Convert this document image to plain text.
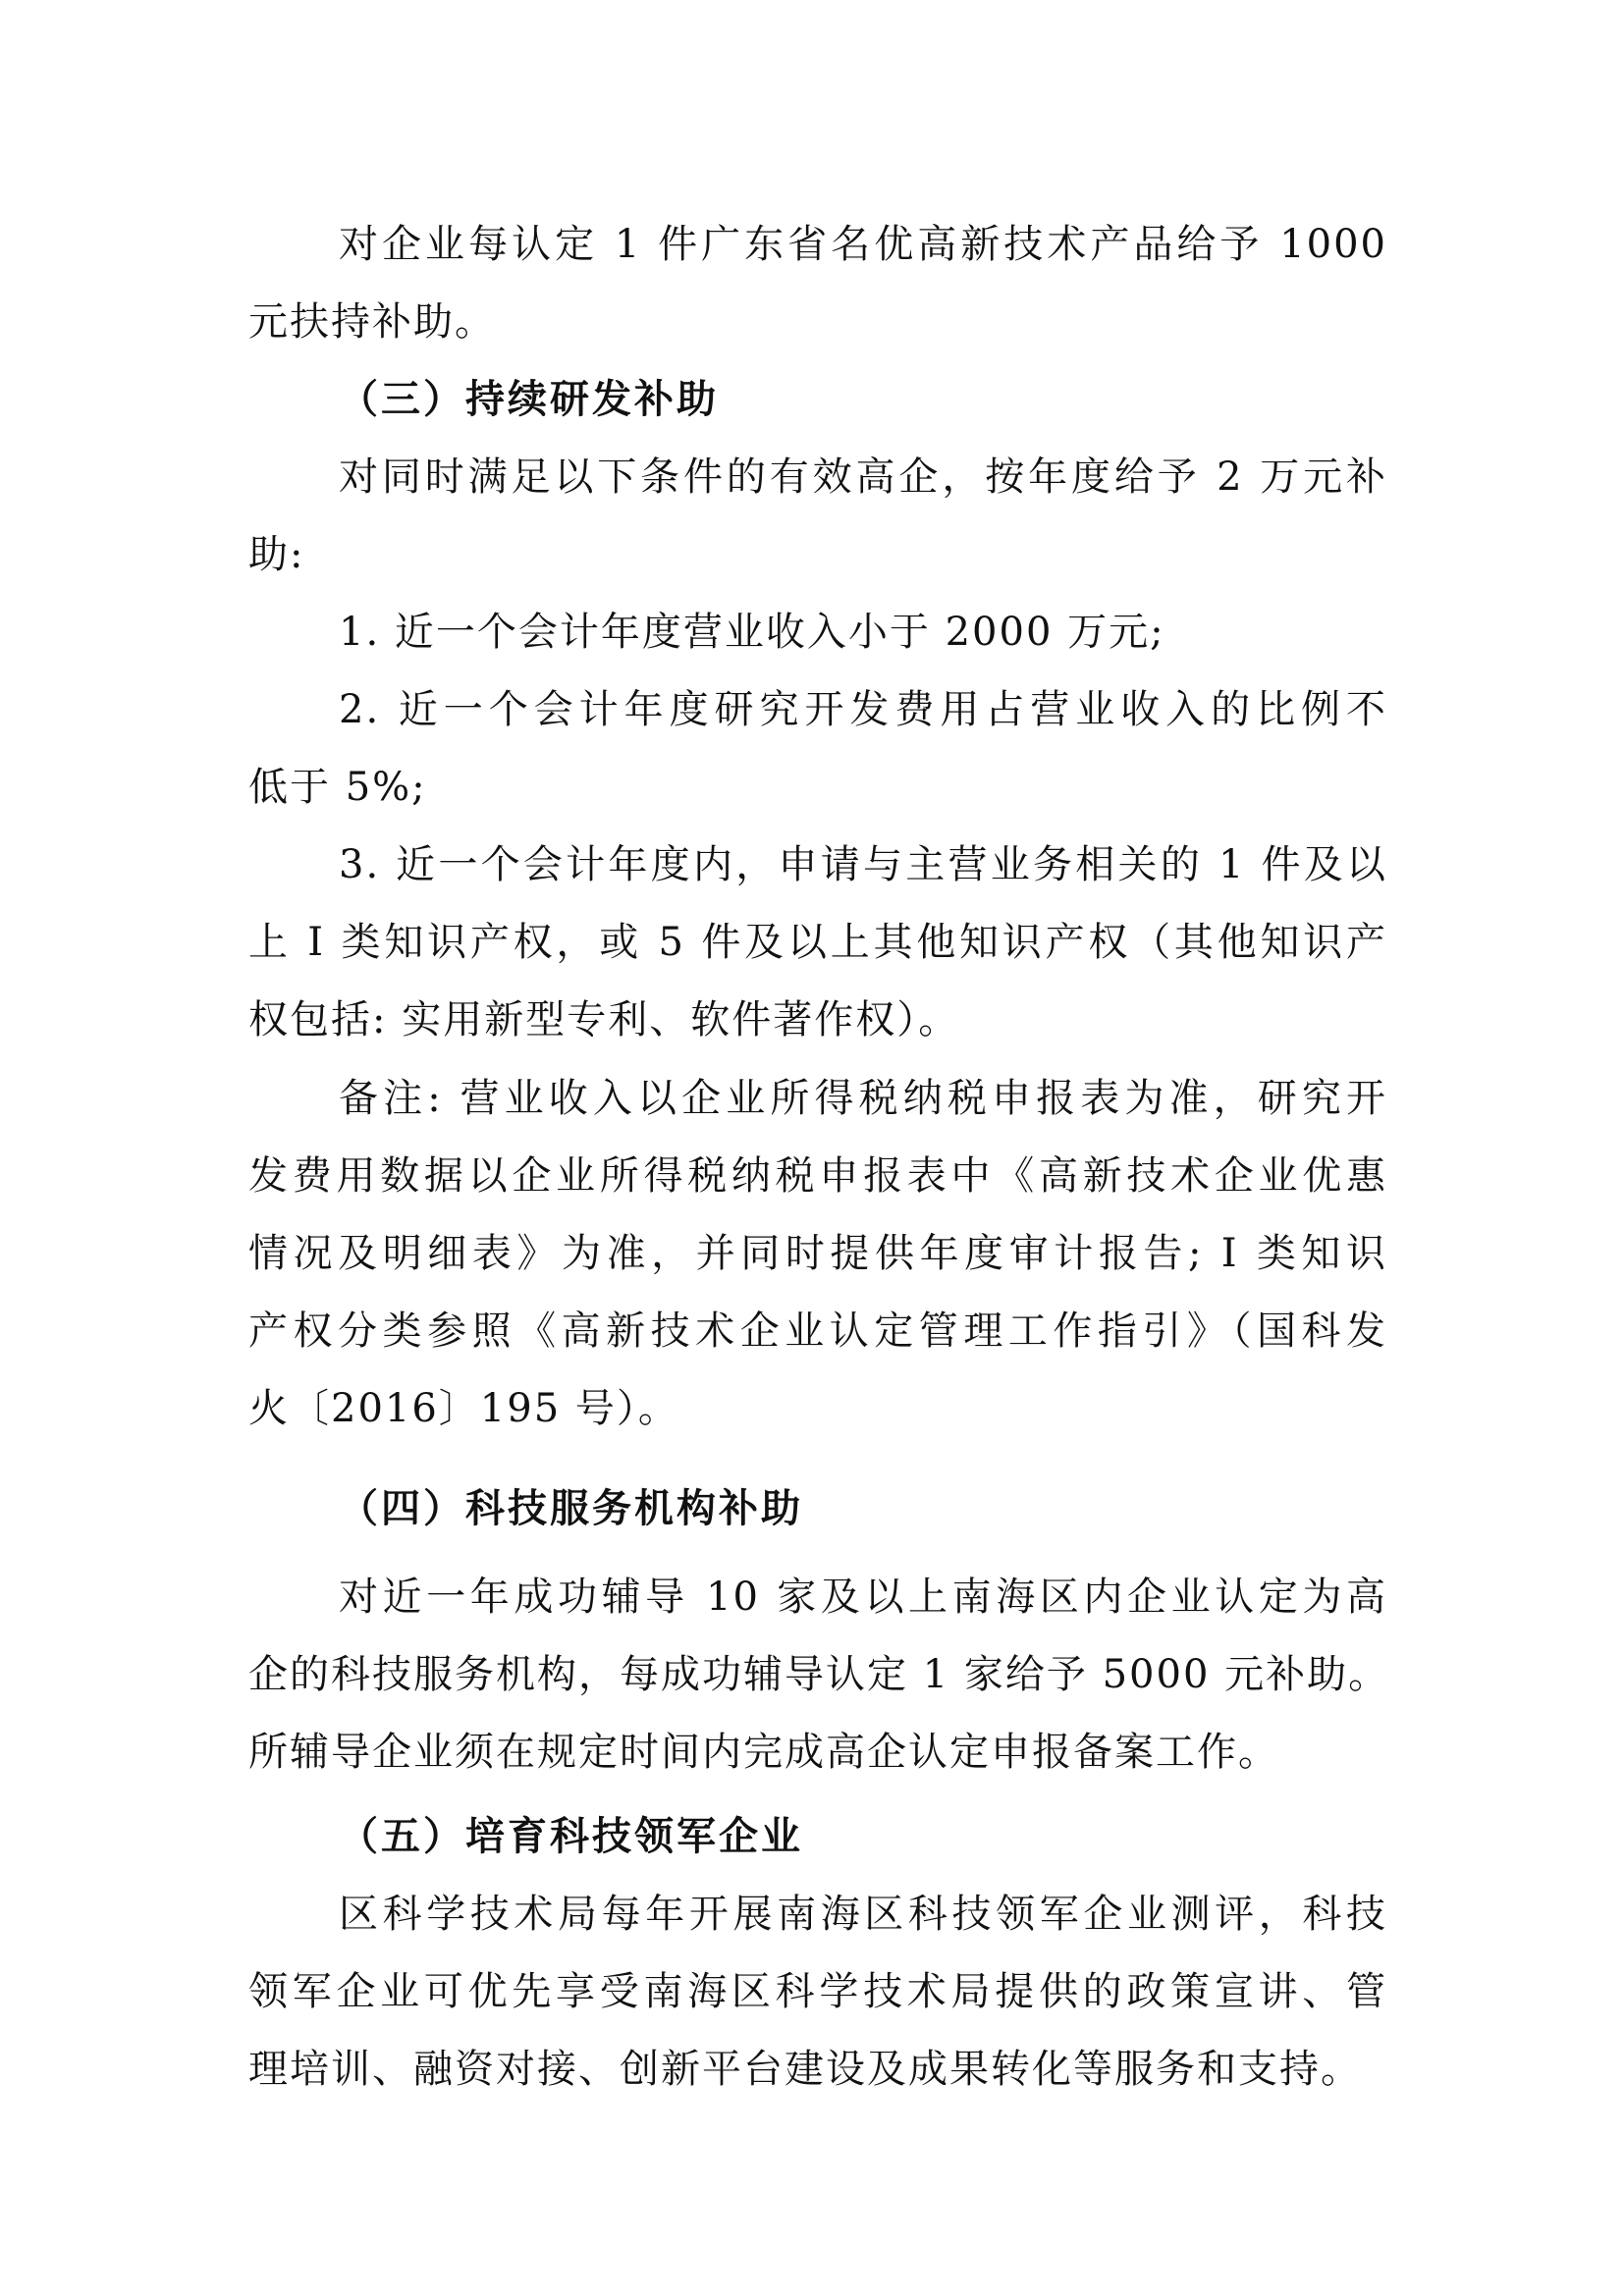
对企业每认定 1 件广东省名优高新技术产品给予 1000
元扶持补助。
（三）持续研发补助
对同时满足以下条件的有效高企，按年度给予 2 万元补
助:
1. 近一个会计年度营业收入小于 2000 万元;
2. 近一个会计年度研究开发费用占营业收入的比例不
低于 5%;
3. 近一个会计年度内，申请与主营业务相关的 1 件及以
上 I 类知识产权，或 5 件及以上其他知识产权（其他知识产
权包括: 实用新型专利、软件著作权）。
备注: 营业收入以企业所得税纳税申报表为准，研究开
发费用数据以企业所得税纳税申报表中《高新技术企业优惠
情况及明细表》为准，并同时提供年度审计报告; I 类知识
产权分类参照《高新技术企业认定管理工作指引》（国科发
火〔2016〕195 号）。
（四）科技服务机构补助
对近一年成功辅导 10 家及以上南海区内企业认定为高
企的科技服务机构，每成功辅导认定 1 家给予 5000 元补助。
所辅导企业须在规定时间内完成高企认定申报备案工作。
（五）培育科技领军企业
区科学技术局每年开展南海区科技领军企业测评，科技
领军企业可优先享受南海区科学技术局提供的政策宣讲、管
理培训、融资对接、创新平台建设及成果转化等服务和支持。
